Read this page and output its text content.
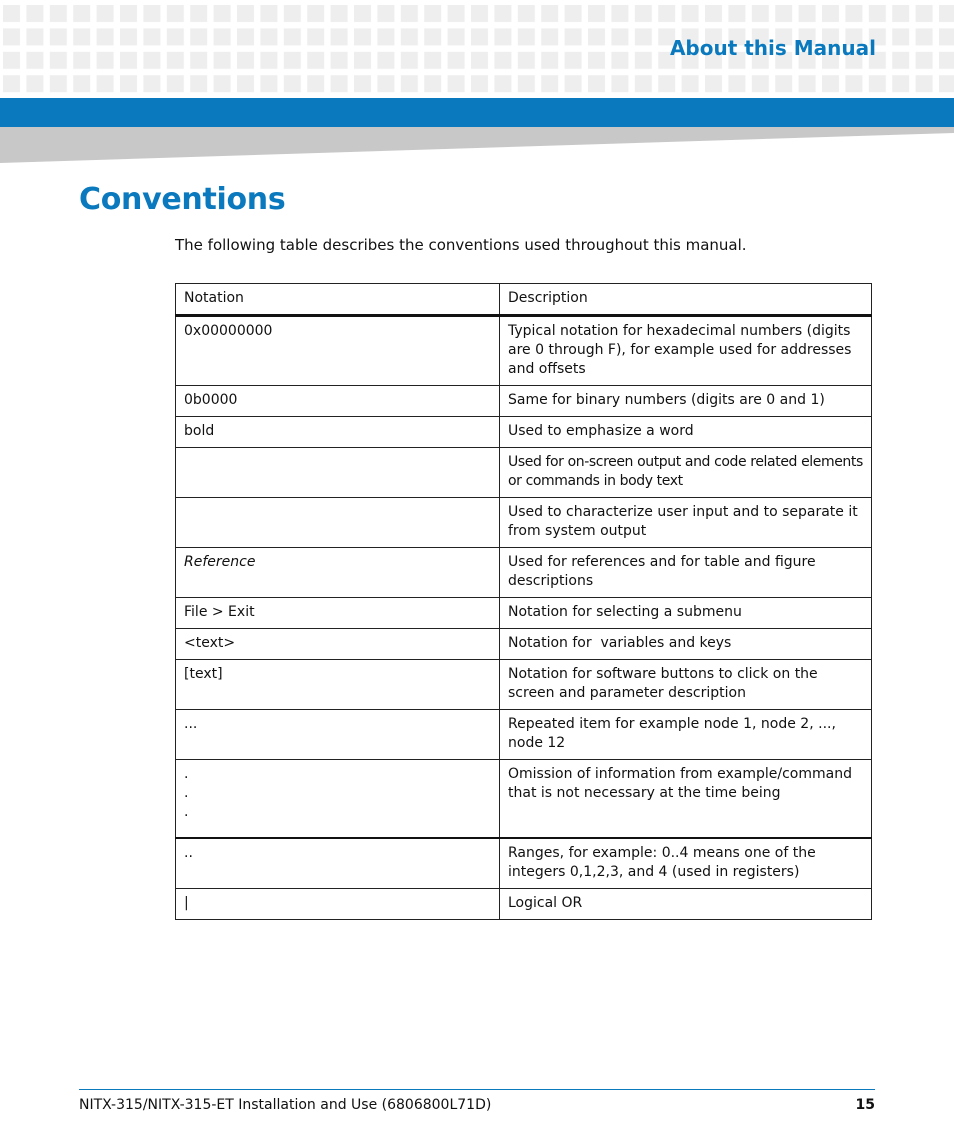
About this Manual
Conventions

The following table describes the conventions used throughout this manual.

Notation	Description
0x00000000	Typical notation for hexadecimal numbers (digits are 0 through F), for example used for addresses and offsets
0b0000	Same for binary numbers (digits are 0 and 1)
bold	Used to emphasize a word
	Used for on-screen output and code related elements or commands in body text
	Used to characterize user input and to separate it from system output
Reference	Used for references and for table and figure descriptions
File > Exit	Notation for selecting a submenu
<text>	Notation for  variables and keys
[text]	Notation for software buttons to click on the screen and parameter description
...	Repeated item for example node 1, node 2, ..., node 12
.
.
.	Omission of information from example/command that is not necessary at the time being
..	Ranges, for example: 0..4 means one of the integers 0,1,2,3, and 4 (used in registers)
|	Logical OR

NITX-315/NITX-315-ET Installation and Use (6806800L71D)	15
